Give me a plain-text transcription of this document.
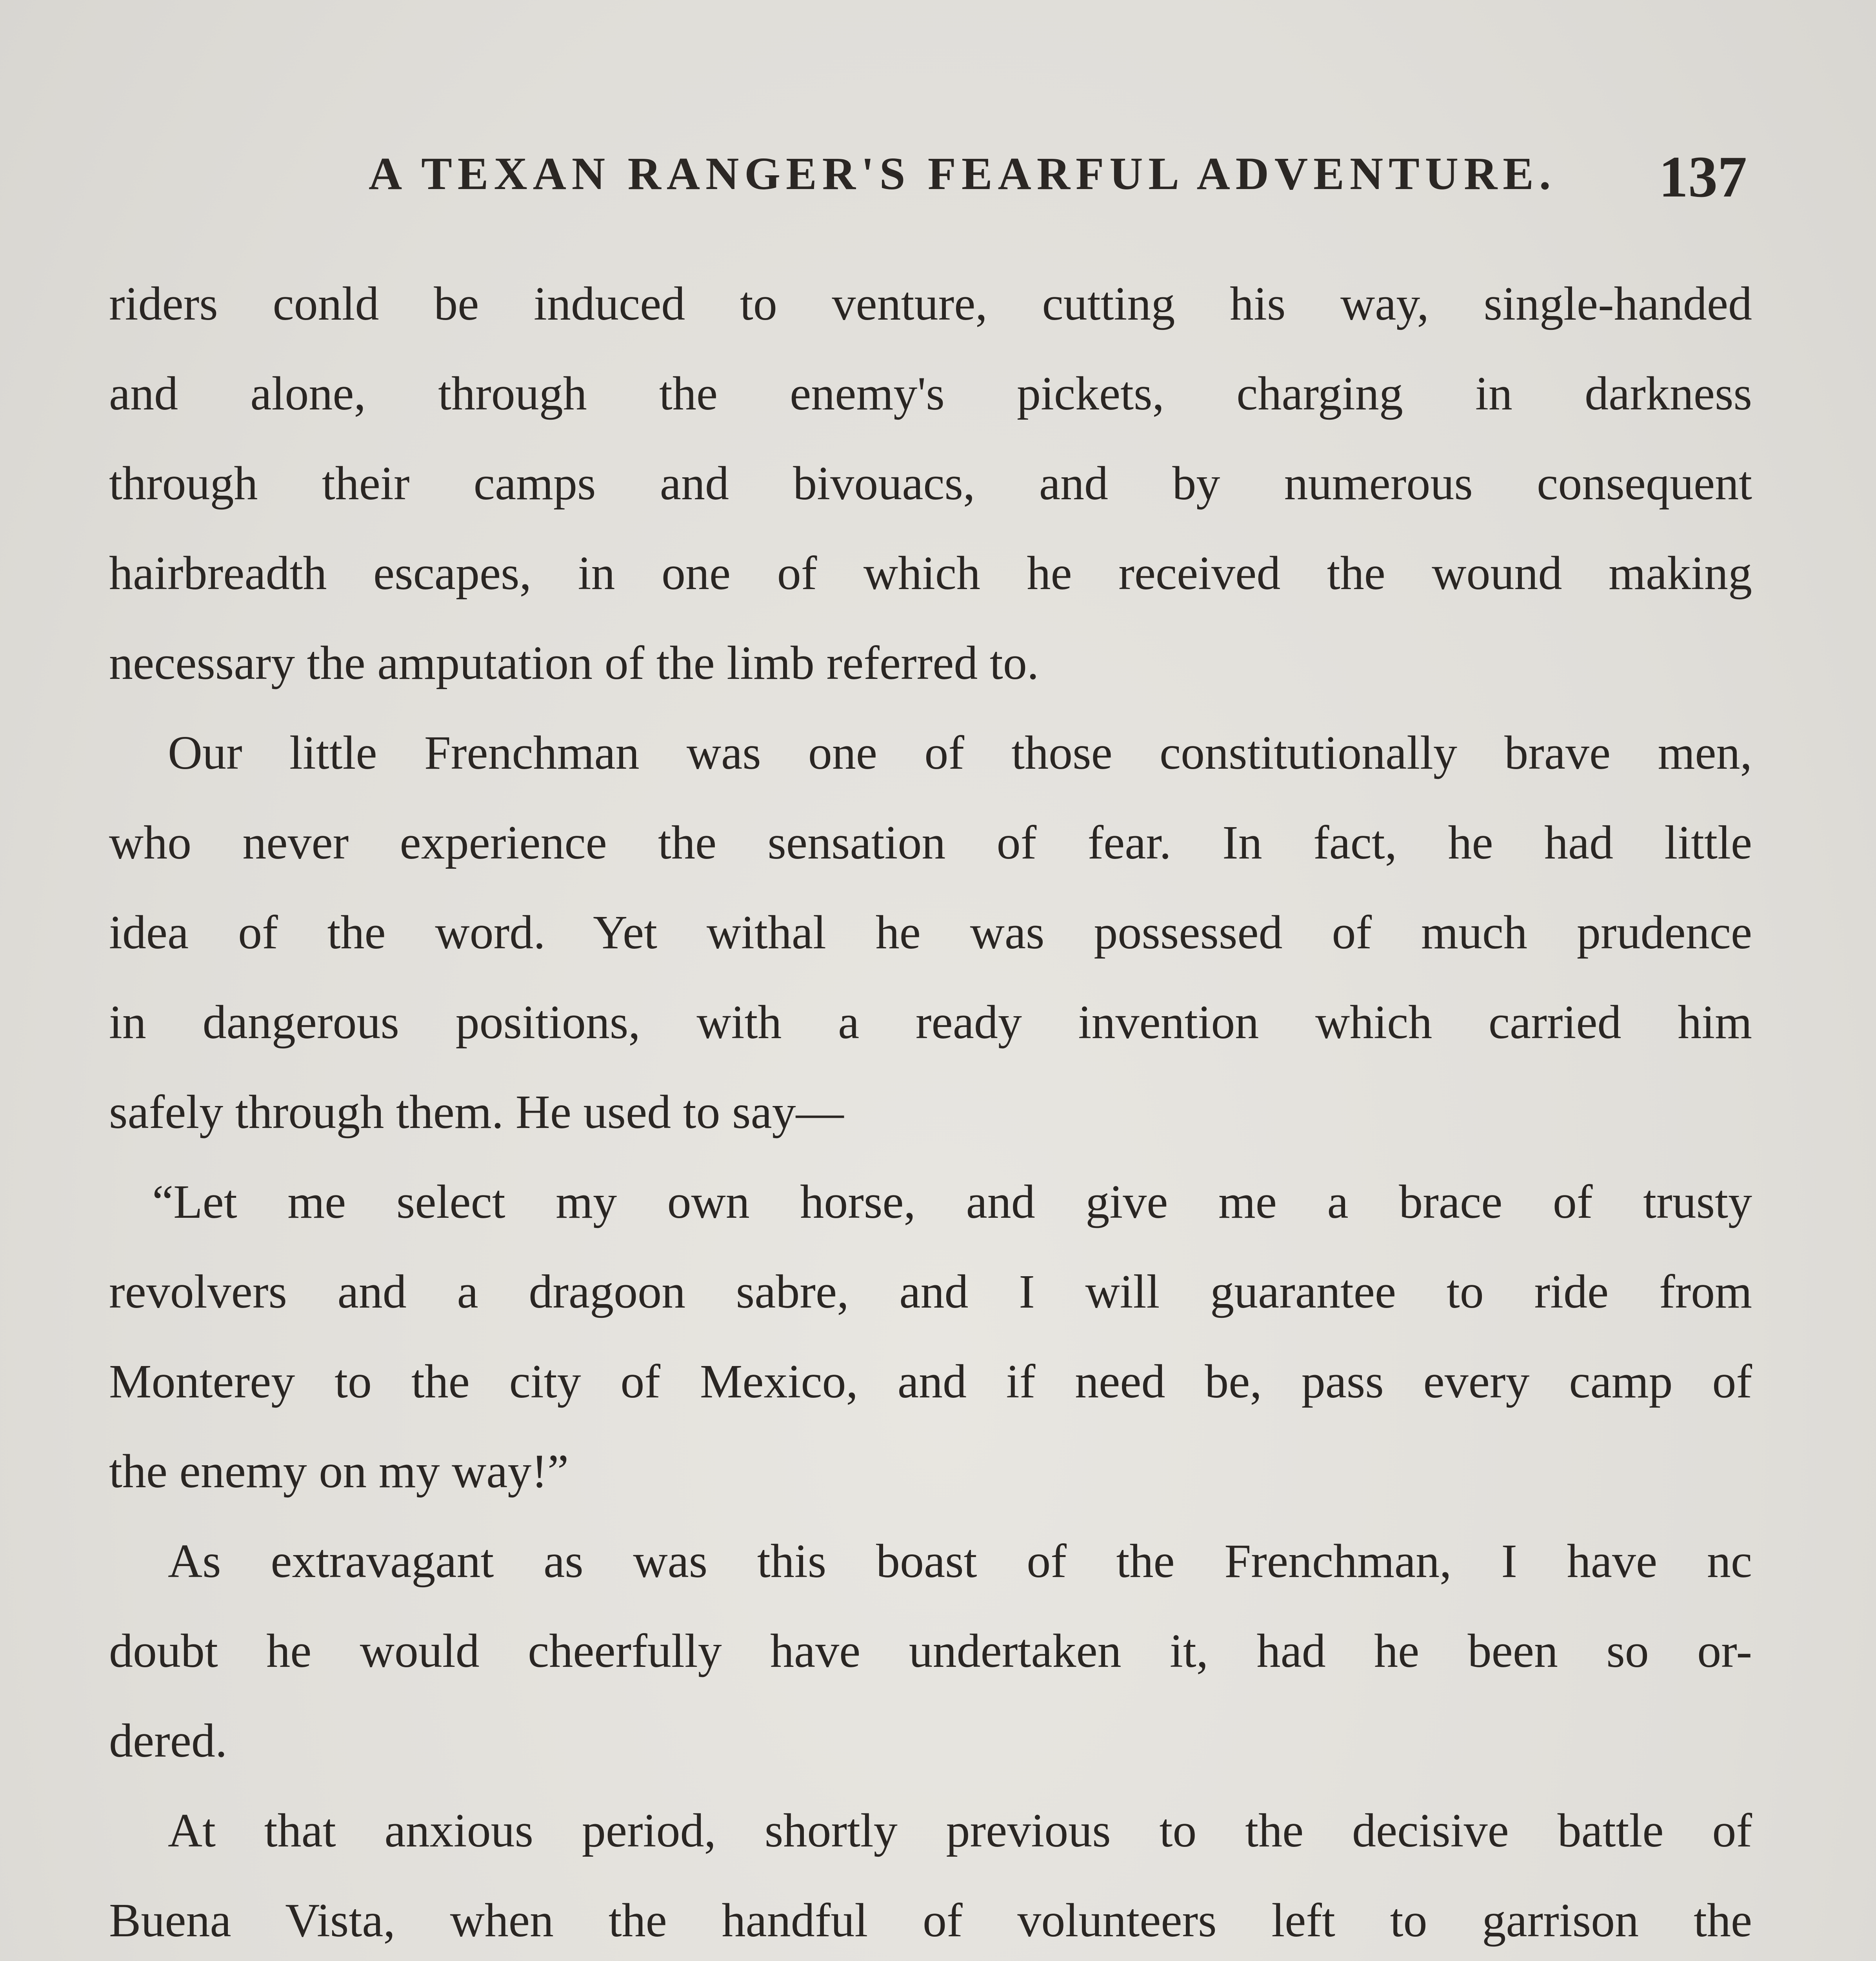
A TEXAN RANGER'S FEARFUL ADVENTURE. 137
riders conld be induced to venture, cutting his way, single-handed
and alone, through the enemy's pickets, charging in darkness
through their camps and bivouacs, and by numerous consequent
hairbreadth escapes, in one of which he received the wound making
necessary the amputation of the limb referred to.
Our little Frenchman was one of those constitutionally brave men,
who never experience the sensation of fear. In fact, he had little
idea of the word. Yet withal he was possessed of much prudence
in dangerous positions, with a ready invention which carried him
safely through them. He used to say—
“Let me select my own horse, and give me a brace of trusty
revolvers and a dragoon sabre, and I will guarantee to ride from
Monterey to the city of Mexico, and if need be, pass every camp of
the enemy on my way!”
As extravagant as was this boast of the Frenchman, I have nc
doubt he would cheerfully have undertaken it, had he been so or-
dered.
At that anxious period, shortly previous to the decisive battle of
Buena Vista, when the handful of volunteers left to garrison the
